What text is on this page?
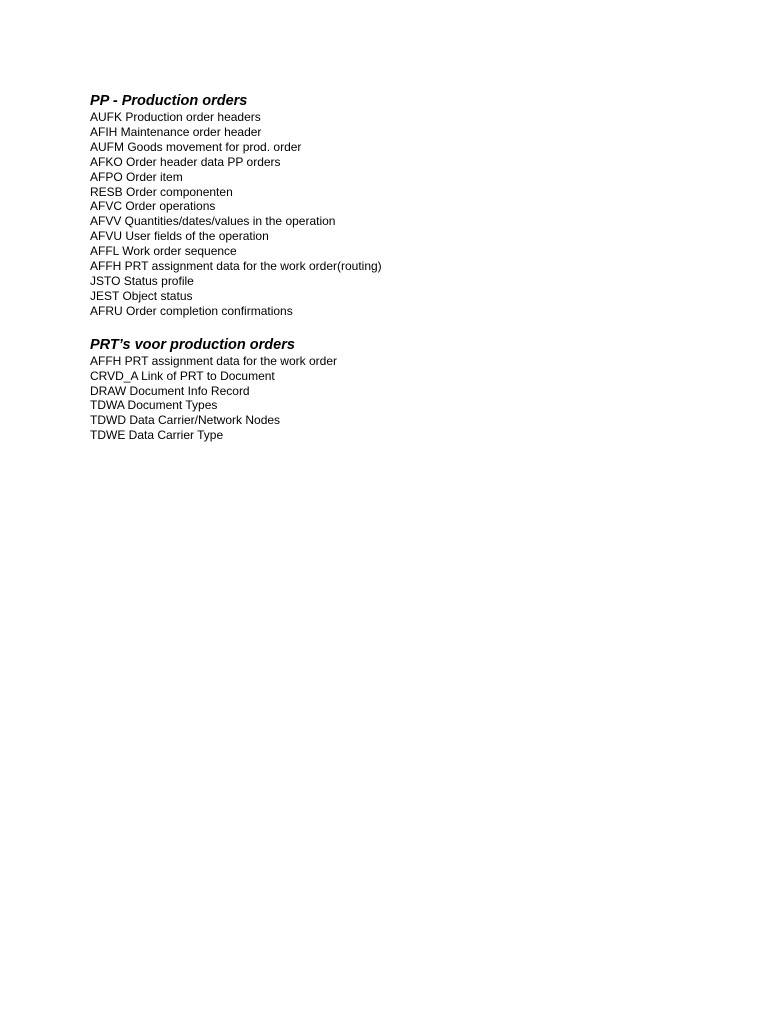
PP - Production orders
AUFK Production order headers
AFIH Maintenance order header
AUFM Goods movement for prod. order
AFKO Order header data PP orders
AFPO Order item
RESB Order componenten
AFVC Order operations
AFVV Quantities/dates/values in the operation
AFVU User fields of the operation
AFFL Work order sequence
AFFH PRT assignment data for the work order(routing)
JSTO Status profile
JEST Object status
AFRU Order completion confirmations
PRT’s voor production orders
AFFH PRT assignment data for the work order
CRVD_A Link of PRT to Document
DRAW Document Info Record
TDWA Document Types
TDWD Data Carrier/Network Nodes
TDWE Data Carrier Type
